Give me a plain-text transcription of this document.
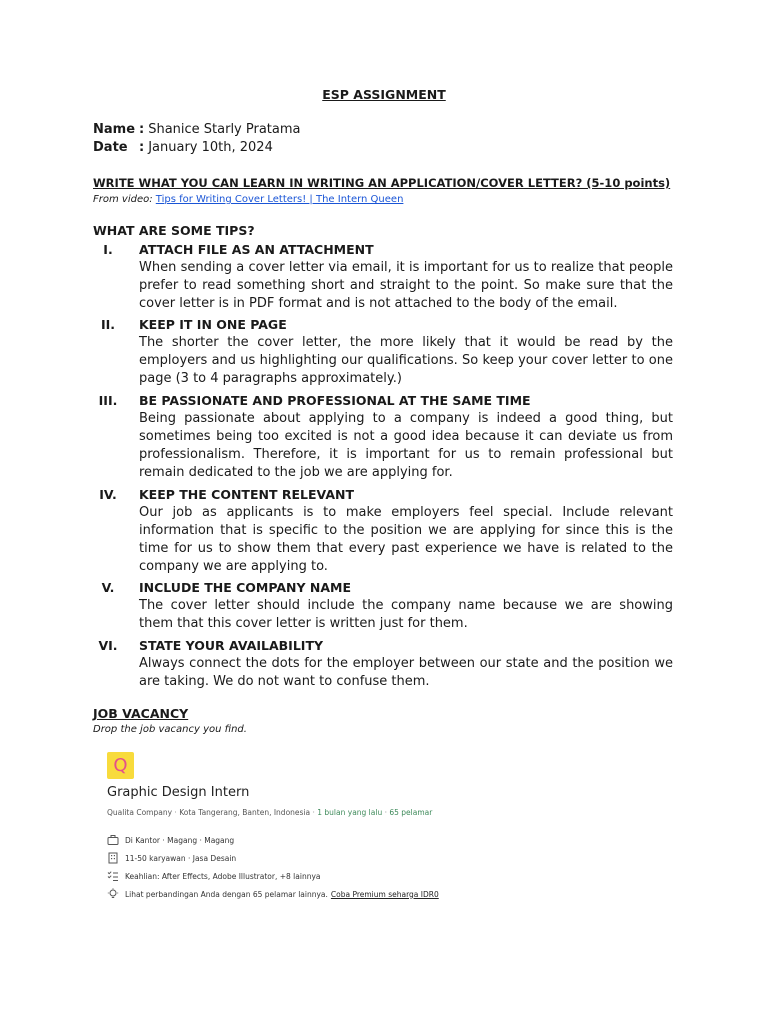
ESP ASSIGNMENT
Name : Shanice Starly Pratama
Date : January 10th, 2024
WRITE WHAT YOU CAN LEARN IN WRITING AN APPLICATION/COVER LETTER? (5-10 points)
From video: Tips for Writing Cover Letters! | The Intern Queen
WHAT ARE SOME TIPS?
I.	ATTACH FILE AS AN ATTACHMENT
When sending a cover letter via email, it is important for us to realize that people prefer to read something short and straight to the point. So make sure that the cover letter is in PDF format and is not attached to the body of the email.
II.	KEEP IT IN ONE PAGE
The shorter the cover letter, the more likely that it would be read by the employers and us highlighting our qualifications. So keep your cover letter to one page (3 to 4 paragraphs approximately.)
III.	BE PASSIONATE AND PROFESSIONAL AT THE SAME TIME
Being passionate about applying to a company is indeed a good thing, but sometimes being too excited is not a good idea because it can deviate us from professionalism. Therefore, it is important for us to remain professional but remain dedicated to the job we are applying for.
IV.	KEEP THE CONTENT RELEVANT
Our job as applicants is to make employers feel special. Include relevant information that is specific to the position we are applying for since this is the time for us to show them that every past experience we have is related to the company we are applying to.
V.	INCLUDE THE COMPANY NAME
The cover letter should include the company name because we are showing them that this cover letter is written just for them.
VI.	STATE YOUR AVAILABILITY
Always connect the dots for the employer between our state and the position we are taking. We do not want to confuse them.
JOB VACANCY
Drop the job vacancy you find.
Q
Graphic Design Intern
Qualita Company · Kota Tangerang, Banten, Indonesia · 1 bulan yang lalu · 65 pelamar
Di Kantor · Magang · Magang
11-50 karyawan · Jasa Desain
Keahlian: After Effects, Adobe Illustrator, +8 lainnya
Lihat perbandingan Anda dengan 65 pelamar lainnya. Coba Premium seharga IDR0
